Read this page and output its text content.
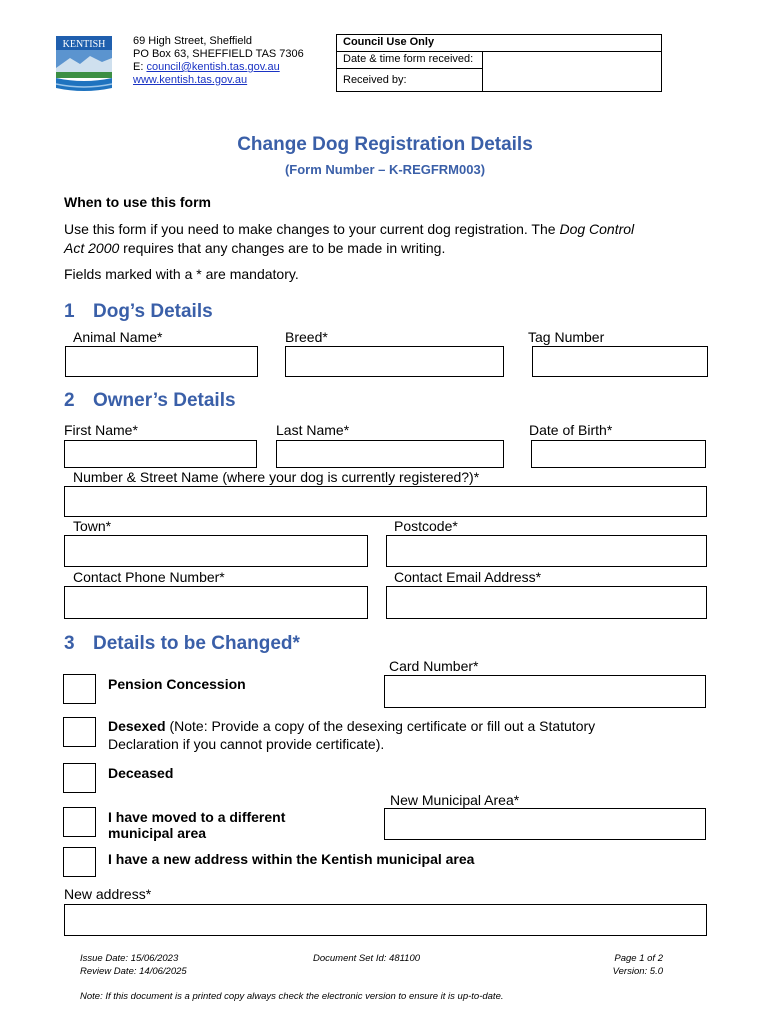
KENTISH	69 High Street, Sheffield
PO Box 63, SHEFFIELD TAS 7306
E: council@kentish.tas.gov.au
www.kentish.tas.gov.au
Council Use Only
Date & time form received:	
Received by:
Change Dog Registration Details
(Form Number – K-REGFRM003)
When to use this form
Use this form if you need to make changes to your current dog registration. The Dog Control
Act 2000 requires that any changes are to be made in writing.
Fields marked with a * are mandatory.
1 Dog’s Details
Animal Name*	Breed*	Tag Number
2 Owner’s Details
First Name*	Last Name*	Date of Birth*
Number & Street Name (where your dog is currently registered?)*
Town*	Postcode*
Contact Phone Number*	Contact Email Address*
3 Details to be Changed*
Card Number*
Pension Concession
Desexed (Note: Provide a copy of the desexing certificate or fill out a Statutory Declaration if you cannot provide certificate).
Deceased
New Municipal Area*
I have moved to a different municipal area
I have a new address within the Kentish municipal area
New address*
Issue Date: 15/06/2023
Review Date: 14/06/2025
Document Set Id: 481100	Page 1 of 2
Version: 5.0
Note: If this document is a printed copy always check the electronic version to ensure it is up-to-date.
